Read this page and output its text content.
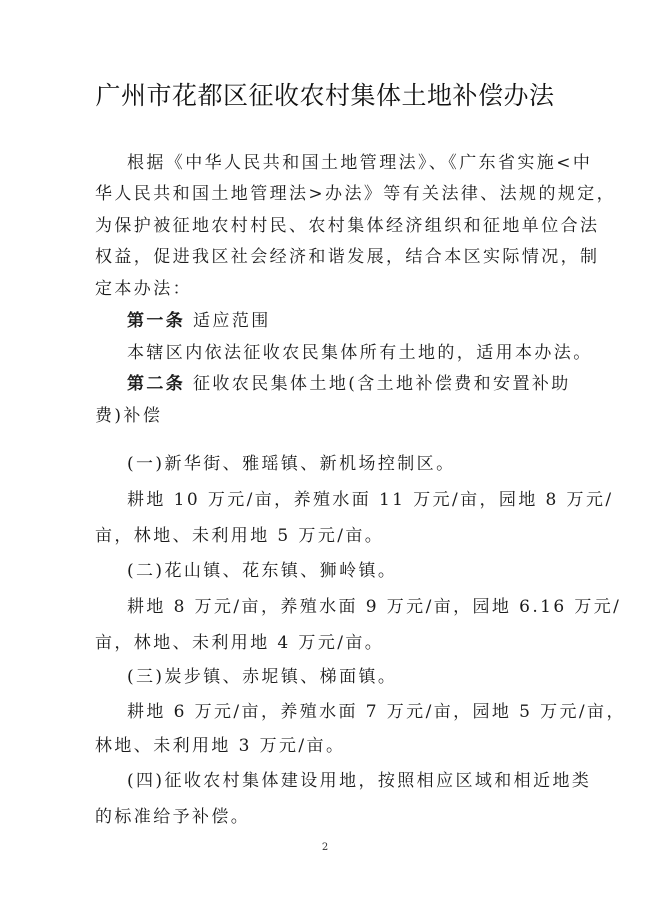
广州市花都区征收农村集体土地补偿办法
根据《中华人民共和国土地管理法》、《广东省实施<中
华人民共和国土地管理法>办法》等有关法律、法规的规定，
为保护被征地农村村民、农村集体经济组织和征地单位合法
权益，促进我区社会经济和谐发展，结合本区实际情况，制
定本办法：
第一条 适应范围
本辖区内依法征收农民集体所有土地的，适用本办法。
第二条 征收农民集体土地(含土地补偿费和安置补助
费)补偿
(一)新华街、雅瑶镇、新机场控制区。
耕地 10 万元/亩，养殖水面 11 万元/亩，园地 8 万元/
亩，林地、未利用地 5 万元/亩。
(二)花山镇、花东镇、狮岭镇。
耕地 8 万元/亩，养殖水面 9 万元/亩，园地 6.16 万元/
亩，林地、未利用地 4 万元/亩。
(三)炭步镇、赤坭镇、梯面镇。
耕地 6 万元/亩，养殖水面 7 万元/亩，园地 5 万元/亩，
林地、未利用地 3 万元/亩。
(四)征收农村集体建设用地，按照相应区域和相近地类
的标准给予补偿。
2
